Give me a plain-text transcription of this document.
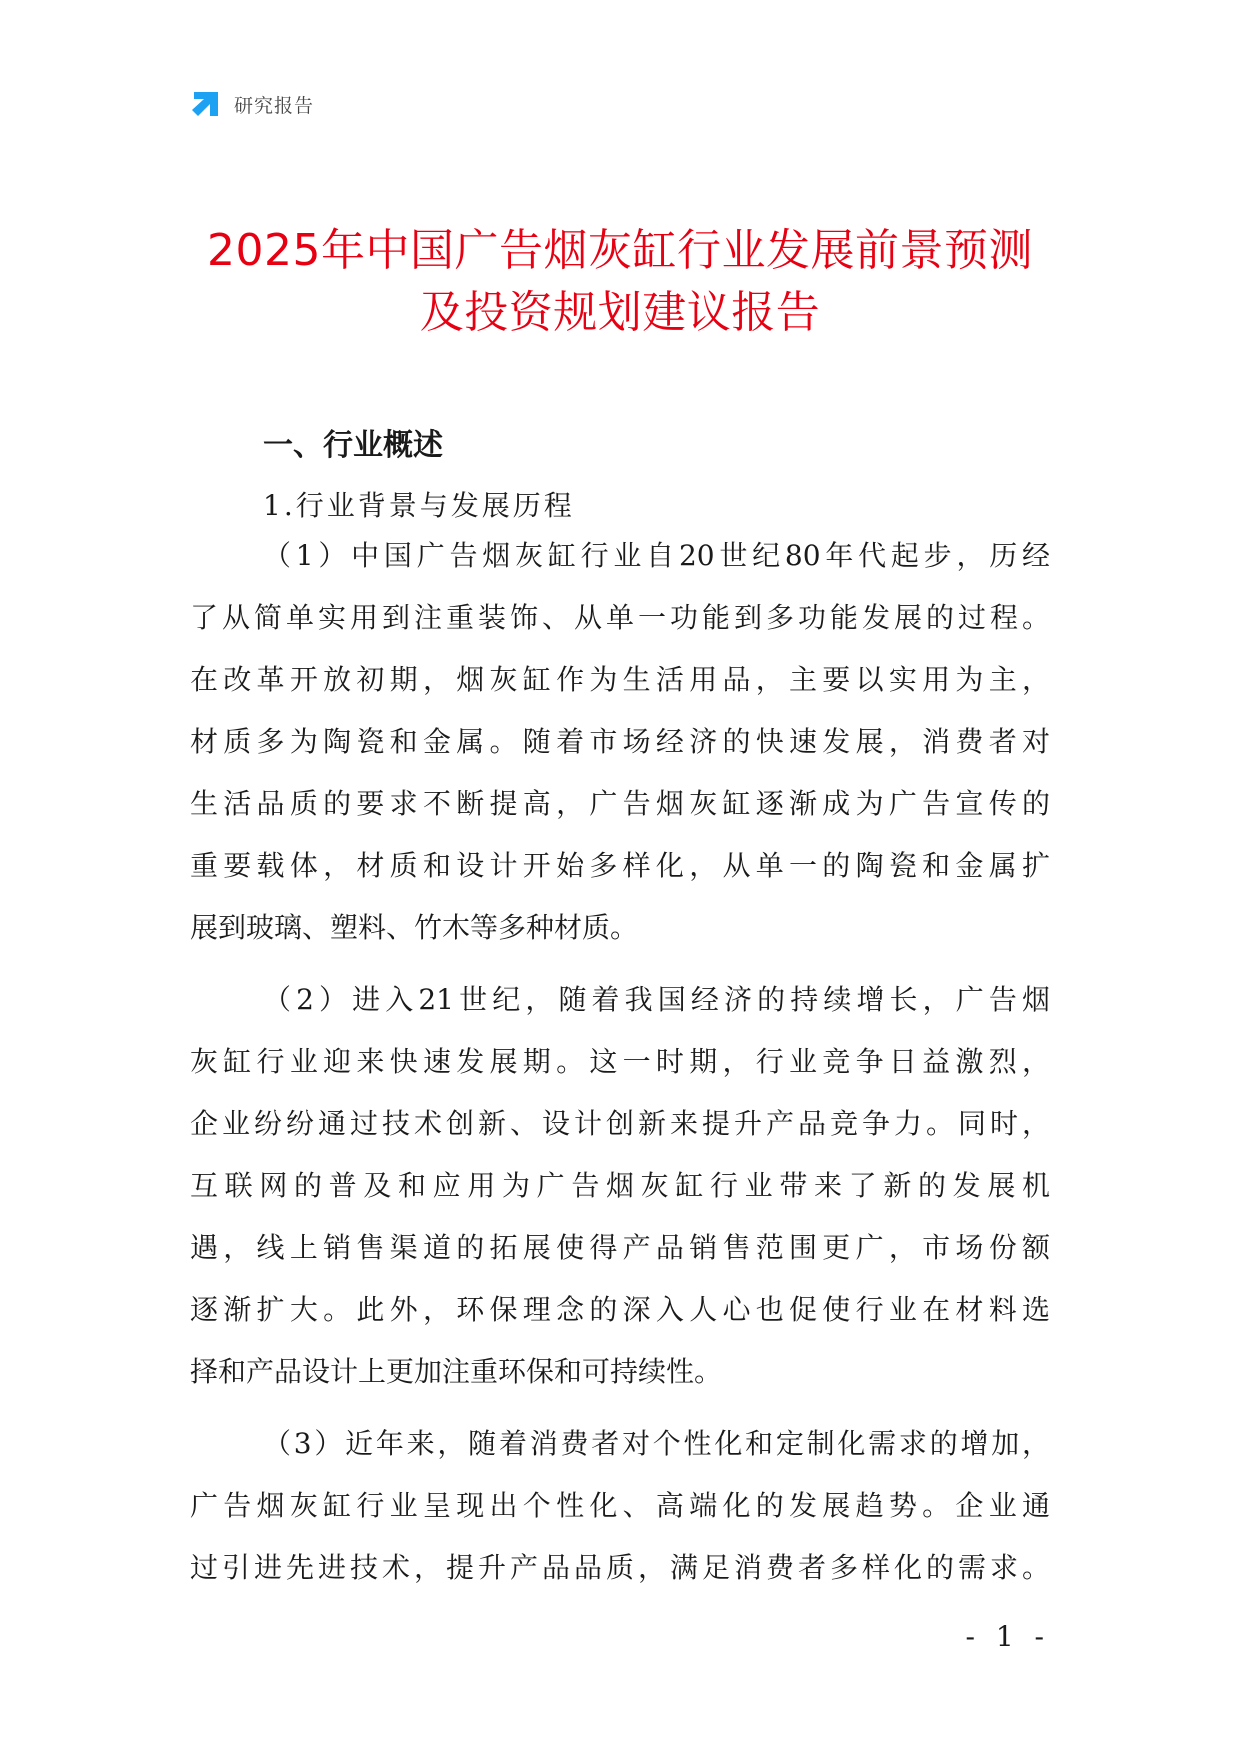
研究报告
2025年中国广告烟灰缸行业发展前景预测
及投资规划建议报告
一、行业概述
1.行业背景与发展历程
（1）中国广告烟灰缸行业自20世纪80年代起步，历经
了从简单实用到注重装饰、从单一功能到多功能发展的过程。
在改革开放初期，烟灰缸作为生活用品，主要以实用为主，
材质多为陶瓷和金属。随着市场经济的快速发展，消费者对
生活品质的要求不断提高，广告烟灰缸逐渐成为广告宣传的
重要载体，材质和设计开始多样化，从单一的陶瓷和金属扩
展到玻璃、塑料、竹木等多种材质。
（2）进入21世纪，随着我国经济的持续增长，广告烟
灰缸行业迎来快速发展期。这一时期，行业竞争日益激烈，
企业纷纷通过技术创新、设计创新来提升产品竞争力。同时，
互联网的普及和应用为广告烟灰缸行业带来了新的发展机
遇，线上销售渠道的拓展使得产品销售范围更广，市场份额
逐渐扩大。此外，环保理念的深入人心也促使行业在材料选
择和产品设计上更加注重环保和可持续性。
（3）近年来，随着消费者对个性化和定制化需求的增加，
广告烟灰缸行业呈现出个性化、高端化的发展趋势。企业通
过引进先进技术，提升产品品质，满足消费者多样化的需求。
- 1 -
